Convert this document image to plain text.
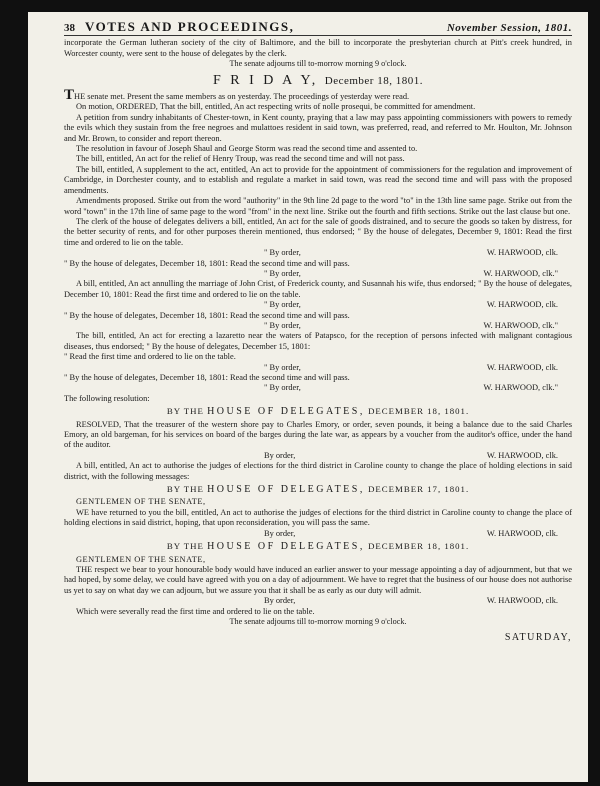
38 VOTES AND PROCEEDINGS,	November Session, 1801.

incorporate the German lutheran society of the city of Baltimore, and the bill to incorporate the presbyterian church at Pitt's creek hundred, in Worcester county, were sent to the house of delegates by the clerk.

The senate adjourns till to-morrow morning 9 o'clock.

F R I D A Y, December 18, 1801.

THE senate met. Present the same members as on yesterday. The proceedings of yesterday were read.

On motion, ORDERED, That the bill, entitled, An act respecting writs of nolle prosequi, be committed for amendment.

A petition from sundry inhabitants of Chester-town, in Kent county, praying that a law may pass appointing commissioners with powers to remedy the evils which they sustain from the free negroes and mulattoes resident in said town, was preferred, read, and referred to Mr. Houlton, Mr. Johnson and Mr. Brown, to consider and report thereon.

The resolution in favour of Joseph Shaul and George Storm was read the second time and assented to.

The bill, entitled, An act for the relief of Henry Troup, was read the second time and will not pass.

The bill, entitled, A supplement to the act, entitled, An act to provide for the appointment of commissioners for the regulation and improvement of Cambridge, in Dorchester county, and to establish and regulate a market in said town, was read the second time and will pass with the proposed amendments.

Amendments proposed. Strike out from the word "authority" in the 9th line 2d page to the word "to" in the 13th line same page. Strike out from the word "town" in the 17th line of same page to the word "from" in the next line. Strike out the fourth and fifth sections. Strike out the last clause but one.

The clerk of the house of delegates delivers a bill, entitled, An act for the sale of goods distrained, and to secure the goods so taken by distress, for the better security of rents, and for other purposes therein mentioned, thus endorsed; " By the house of delegates, December 9, 1801: Read the first time and ordered to lie on the table.

" By order,	W. HARWOOD, clk.

" By the house of delegates, December 18, 1801: Read the second time and will pass.

" By order,	W. HARWOOD, clk."

A bill, entitled, An act annulling the marriage of John Crist, of Frederick county, and Susannah his wife, thus endorsed; " By the house of delegates, December 10, 1801: Read the first time and ordered to lie on the table.

" By order,	W. HARWOOD, clk.

" By the house of delegates, December 18, 1801: Read the second time and will pass.

" By order,	W. HARWOOD, clk."

The bill, entitled, An act for erecting a lazaretto near the waters of Patapsco, for the reception of persons infected with malignant contagious diseases, thus endorsed; " By the house of delegates, December 15, 1801:

" Read the first time and ordered to lie on the table.

" By order,	W. HARWOOD, clk.

" By the house of delegates, December 18, 1801: Read the second time and will pass.

" By order,	W. HARWOOD, clk."

The following resolution:

BY THE HOUSE OF DELEGATES, DECEMBER 18, 1801.

RESOLVED, That the treasurer of the western shore pay to Charles Emory, or order, seven pounds, it being a balance due to the said Charles Emory, an old bargeman, for his services on board of the barges during the late war, as appears by a voucher from the auditor's office, under the hand of the auditor.

By order,	W. HARWOOD, clk.

A bill, entitled, An act to authorise the judges of elections for the third district in Caroline county to change the place of holding elections in said district, with the following messages:

BY THE HOUSE OF DELEGATES, DECEMBER 17, 1801.

GENTLEMEN OF THE SENATE,

WE have returned to you the bill, entitled, An act to authorise the judges of elections for the third district in Caroline county to change the place of holding elections in said district, hoping, that upon reconsideration, you will pass the same.

By order,	W. HARWOOD, clk.
BY THE HOUSE OF DELEGATES, DECEMBER 18, 1801.

GENTLEMEN OF THE SENATE,

THE respect we bear to your honourable body would have induced an earlier answer to your message appointing a day of adjournment, but that we had hoped, by some delay, we could have agreed with you on a day of adjournment. We have to regret that the business of our house does not authorise us yet to say on what day we can adjourn, but we assure you that it shall be as early as our duty will admit.

By order,	W. HARWOOD, clk.

Which were severally read the first time and ordered to lie on the table.

The senate adjourns till to-morrow morning 9 o'clock.

SATURDAY,
